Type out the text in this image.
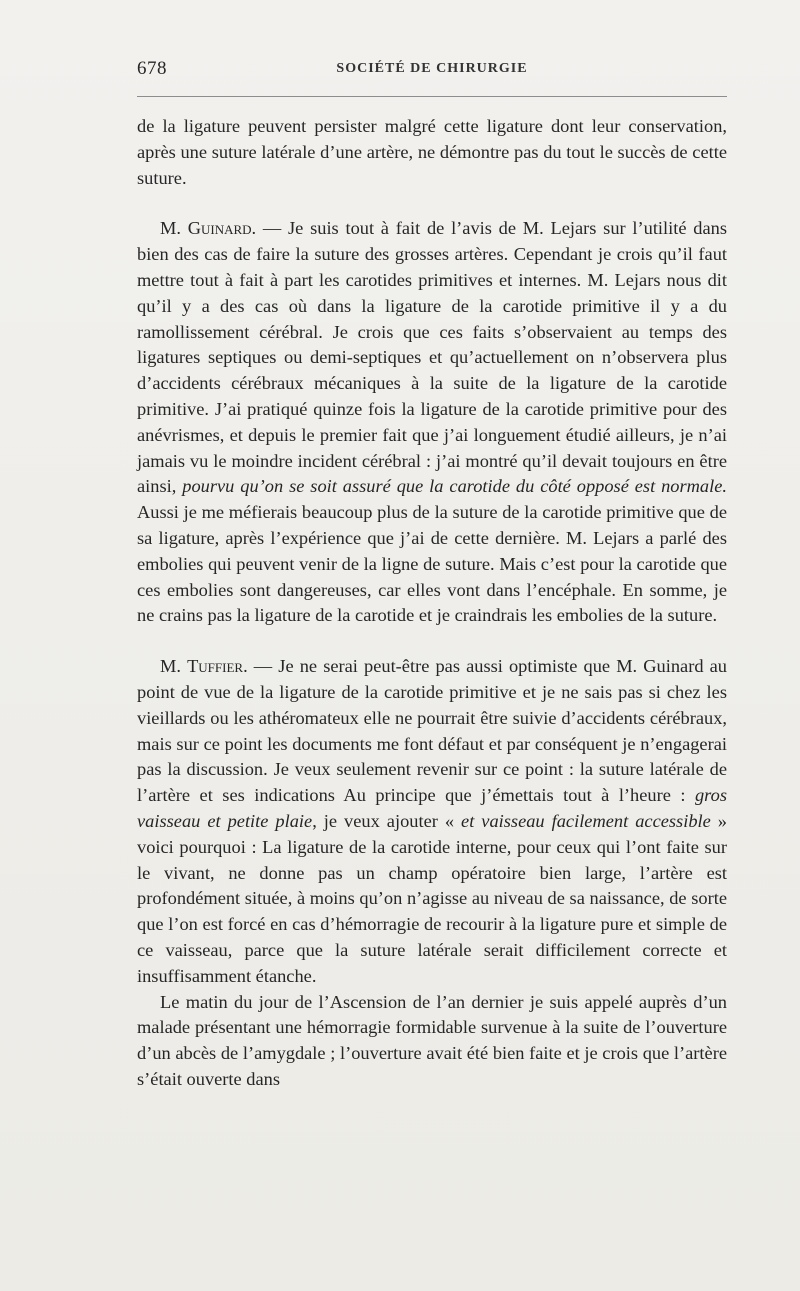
678	SOCIÉTÉ DE CHIRURGIE

de la ligature peuvent persister malgré cette ligature dont leur conservation, après une suture latérale d’une artère, ne démontre pas du tout le succès de cette suture.

M. Guinard. — Je suis tout à fait de l’avis de M. Lejars sur l’utilité dans bien des cas de faire la suture des grosses artères. Cependant je crois qu’il faut mettre tout à fait à part les carotides primitives et internes. M. Lejars nous dit qu’il y a des cas où dans la ligature de la carotide primitive il y a du ramollissement cérébral. Je crois que ces faits s’observaient au temps des ligatures septiques ou demi-septiques et qu’actuellement on n’observera plus d’accidents cérébraux mécaniques à la suite de la ligature de la carotide primitive. J’ai pratiqué quinze fois la ligature de la carotide primitive pour des anévrismes, et depuis le premier fait que j’ai longuement étudié ailleurs, je n’ai jamais vu le moindre incident cérébral : j’ai montré qu’il devait toujours en être ainsi, pourvu qu’on se soit assuré que la carotide du côté opposé est normale. Aussi je me méfierais beaucoup plus de la suture de la carotide primitive que de sa ligature, après l’expérience que j’ai de cette dernière. M. Lejars a parlé des embolies qui peuvent venir de la ligne de suture. Mais c’est pour la carotide que ces embolies sont dangereuses, car elles vont dans l’encéphale. En somme, je ne crains pas la ligature de la carotide et je craindrais les embolies de la suture.

M. Tuffier. — Je ne serai peut-être pas aussi optimiste que M. Guinard au point de vue de la ligature de la carotide primitive et je ne sais pas si chez les vieillards ou les athéromateux elle ne pourrait être suivie d’accidents cérébraux, mais sur ce point les documents me font défaut et par conséquent je n’engagerai pas la discussion. Je veux seulement revenir sur ce point : la suture latérale de l’artère et ses indications Au principe que j’émettais tout à l’heure : gros vaisseau et petite plaie, je veux ajouter « et vaisseau facilement accessible » voici pourquoi : La ligature de la carotide interne, pour ceux qui l’ont faite sur le vivant, ne donne pas un champ opératoire bien large, l’artère est profondément située, à moins qu’on n’agisse au niveau de sa naissance, de sorte que l’on est forcé en cas d’hémorragie de recourir à la ligature pure et simple de ce vaisseau, parce que la suture latérale serait difficilement correcte et insuffisamment étanche.

Le matin du jour de l’Ascension de l’an dernier je suis appelé auprès d’un malade présentant une hémorragie formidable survenue à la suite de l’ouverture d’un abcès de l’amygdale ; l’ouverture avait été bien faite et je crois que l’artère s’était ouverte dans
